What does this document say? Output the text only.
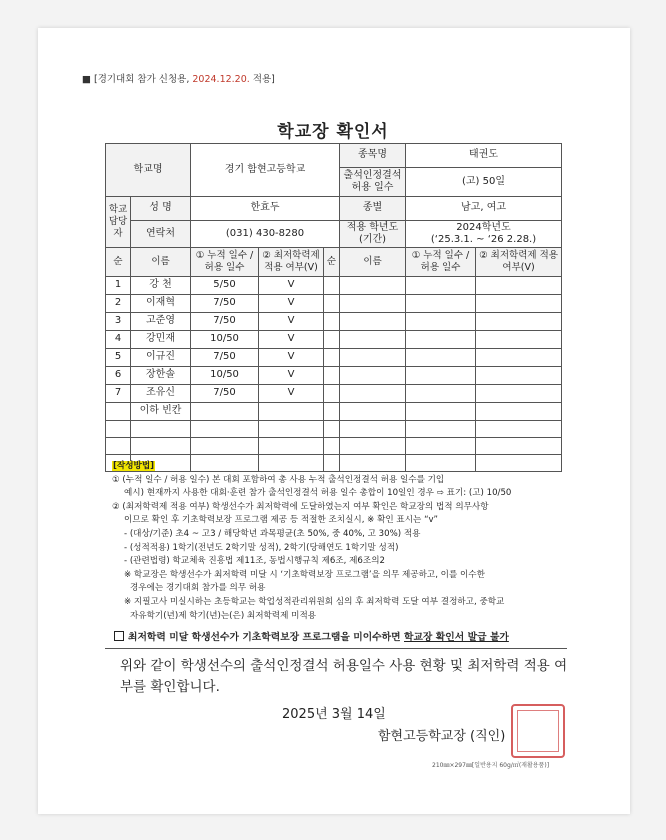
■ [경기대회 참가 신청용, 2024.12.20. 적용]
학교장 확인서
학교명		경기 함현고등학교			종목명	태권도	
					출석인정결석 허용 일수	(고) 50일	
학교 담당자	성 명	한효두			종별	남고, 여고	
	연락처	(031) 430-8280			적용 학년도 (기간)	2024학년도
(‘25.3.1. ~ ‘26 2.28.)	
순	이름	① 누적 일수 / 허용 일수	② 최저학력제 적용 여부(V)	순	이름	① 누적 일수 / 허용 일수	② 최저학력제 적용 여부(V)
1	강 천	5/50	V				
2	이재혁	7/50	V				
3	고준영	7/50	V				
4	강민재	10/50	V				
5	이규진	7/50	V				
6	장한솔	10/50	V				
7	조유신	7/50	V				
	이하 빈칸						

[작성방법]
① (누적 일수 / 허용 일수) 본 대회 포함하여 총 사용 누적 출석인정결석 허용 일수를 기입
예시) 현재까지 사용한 대회·훈련 참가 출석인정결석 허용 일수 총합이 10일인 경우 ⇨ 표기: (고) 10/50
② (최저학력제 적용 여부) 학생선수가 최저학력에 도달하였는지 여부 확인은 학교장의 법적 의무사항
이므로 확인 후 기초학력보장 프로그램 제공 등 적절한 조치실시, ※ 확인 표시는 “v”
- (대상/기준) 초4 ~ 고3 / 해당학년 과목평균(초 50%, 중 40%, 고 30%) 적용
- (성적적용) 1학기(전년도 2학기말 성적), 2학기(당해연도 1학기말 성적)
- (관련법령) 학교체육 진흥법 제11조, 동법시행규칙 제6조, 제6조의2
※ 학교장은 학생선수가 최저학력 미달 시 ‘기초학력보장 프로그램’을 의무 제공하고, 이를 이수한
경우에는 경기대회 참가를 의무 허용
※ 지필고사 미실시하는 초등학교는 학업성적관리위원회 심의 후 최저학력 도달 여부 결정하고, 중학교
자유학기(년)제 학기(년)는(은) 최저학력제 미적용
최저학력 미달 학생선수가 기초학력보장 프로그램을 미이수하면 학교장 확인서 발급 불가
위와 같이 학생선수의 출석인정결석 허용일수 사용 현황 및 최저학력 적용 여부를 확인합니다.
2025년 3월 14일
함현고등학교장 (직인)
210㎜×297㎜[일반용지 60g/㎡(재활용품)]
